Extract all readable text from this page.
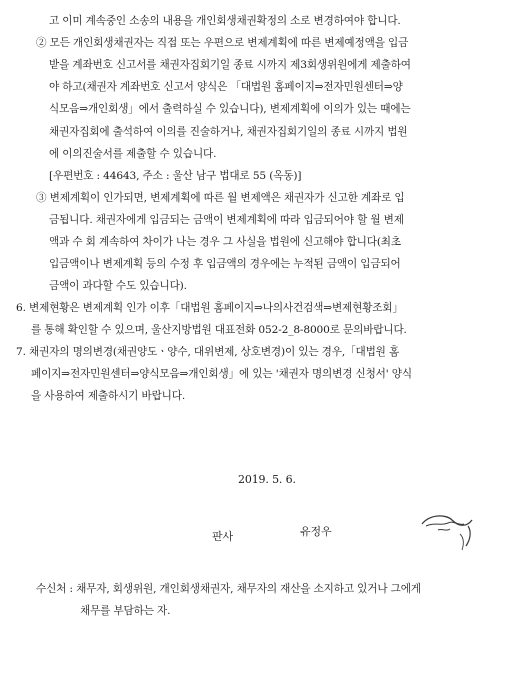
고 이미 계속중인 소송의 내용을 개인회생채권확정의 소로 변경하여야 합니다.
② 모든 개인회생채권자는 직접 또는 우편으로 변제계획에 따른 변제예정액을 입금
받을 계좌번호 신고서를 채권자집회기일 종료 시까지 제3회생위원에게 제출하여
야 하고(채권자 계좌번호 신고서 양식은 「대법원 홈페이지⇒전자민원센터⇒양
식모음⇒개인회생」에서 출력하실 수 있습니다), 변제계획에 이의가 있는 때에는
채권자집회에 출석하여 이의를 진술하거나, 채권자집회기일의 종료 시까지 법원
에 이의진술서를 제출할 수 있습니다.
[우편번호 : 44643, 주소 : 울산 남구 법대로 55 (옥동)]
③ 변제계획이 인가되면, 변제계획에 따른 월 변제액은 채권자가 신고한 계좌로 입
금됩니다. 채권자에게 입금되는 금액이 변제계획에 따라 입금되어야 할 월 변제
액과 수 회 계속하여 차이가 나는 경우 그 사실을 법원에 신고해야 합니다(최초
입금액이나 변제계획 등의 수정 후 입금액의 경우에는 누적된 금액이 입금되어
금액이 과다할 수도 있습니다).
6. 변제현황은 변제계획 인가 이후「대법원 홈페이지⇒나의사건검색⇒변제현황조회」
를 통해 확인할 수 있으며, 울산지방법원 대표전화 052-2_8-8000로 문의바랍니다.
7. 채권자의 명의변경(채권양도ㆍ양수, 대위변제, 상호변경)이 있는 경우,「대법원 홈
페이지⇒전자민원센터⇒양식모음⇒개인회생」에 있는 '채권자 명의변경 신청서' 양식
을 사용하여 제출하시기 바랍니다.
2019. 5. 6.
판사	유정우
수신처 : 채무자, 회생위원, 개인회생채권자, 채무자의 재산을 소지하고 있거나 그에게
채무를 부담하는 자.
